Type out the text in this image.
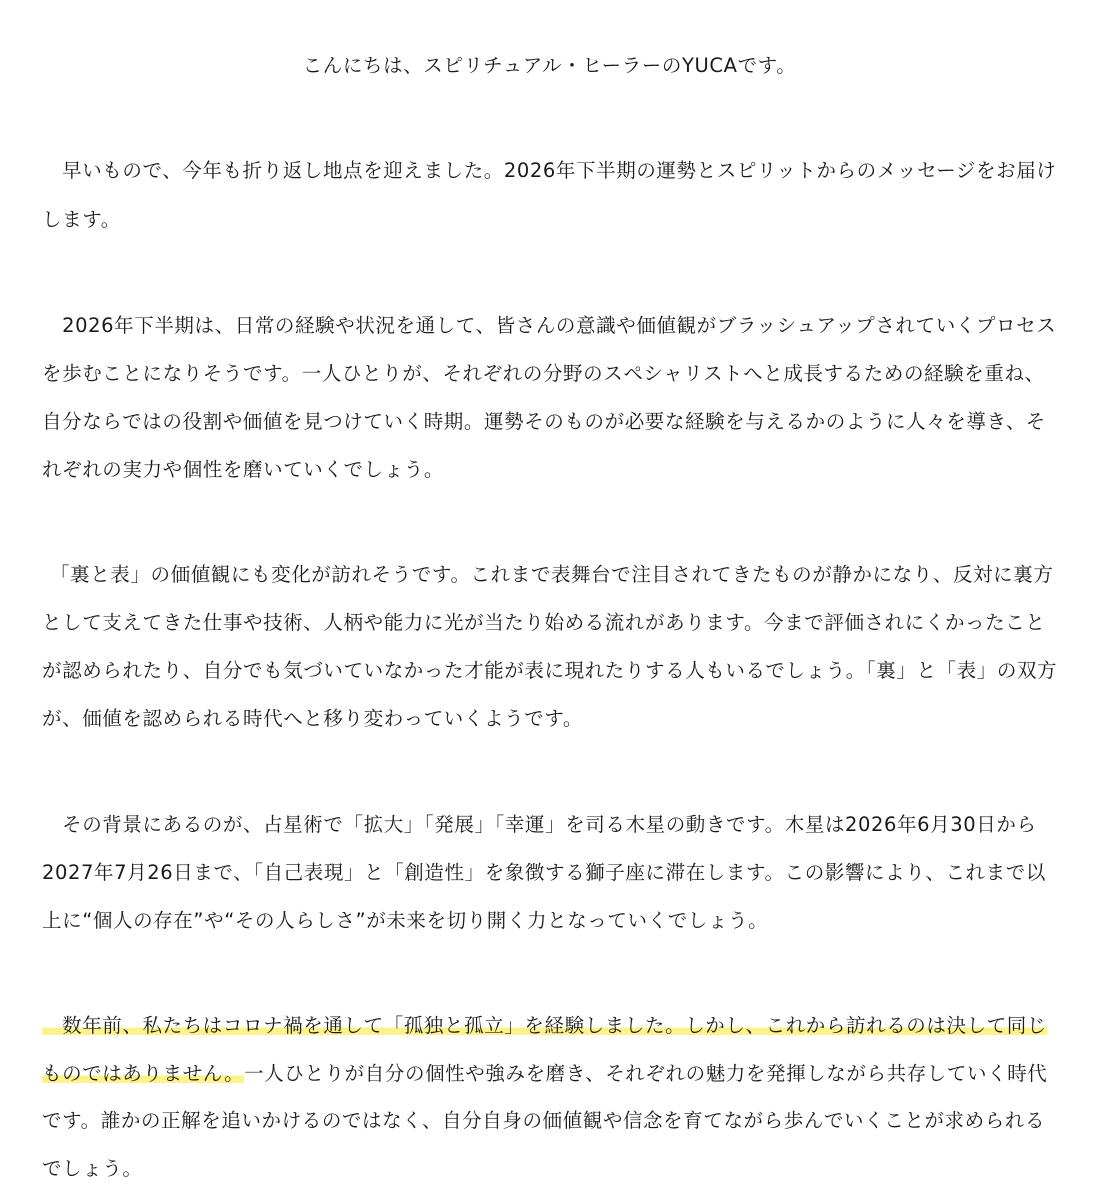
こんにちは、スピリチュアル・ヒーラーのYUCAです。
　早いもので、今年も折り返し地点を迎えました。2026年下半期の運勢とスピリットからのメッセージをお届け
します。
　2026年下半期は、日常の経験や状況を通して、皆さんの意識や価値観がブラッシュアップされていくプロセス
を歩むことになりそうです。一人ひとりが、それぞれの分野のスペシャリストへと成長するための経験を重ね、
自分ならではの役割や価値を見つけていく時期。運勢そのものが必要な経験を与えるかのように人々を導き、そ
れぞれの実力や個性を磨いていくでしょう。
「裏と表」の価値観にも変化が訪れそうです。これまで表舞台で注目されてきたものが静かになり、反対に裏方
として支えてきた仕事や技術、人柄や能力に光が当たり始める流れがあります。今まで評価されにくかったこと
が認められたり、自分でも気づいていなかった才能が表に現れたりする人もいるでしょう。「裏」と「表」の双方
が、価値を認められる時代へと移り変わっていくようです。
　その背景にあるのが、占星術で「拡大」「発展」「幸運」を司る木星の動きです。木星は2026年6月30日から
2027年7月26日まで、「自己表現」と「創造性」を象徴する獅子座に滞在します。この影響により、これまで以
上に“個人の存在”や“その人らしさ”が未来を切り開く力となっていくでしょう。
　数年前、私たちはコロナ禍を通して「孤独と孤立」を経験しました。しかし、これから訪れるのは決して同じ
ものではありません。一人ひとりが自分の個性や強みを磨き、それぞれの魅力を発揮しながら共存していく時代
です。誰かの正解を追いかけるのではなく、自分自身の価値観や信念を育てながら歩んでいくことが求められる
でしょう。
